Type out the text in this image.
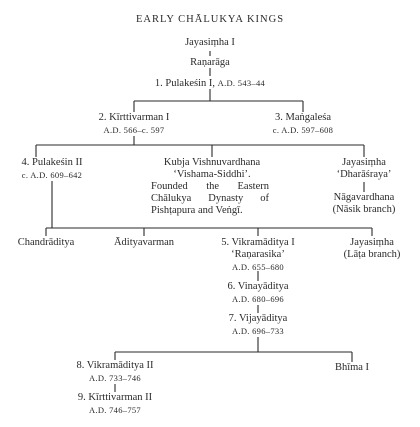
EARLY CHĀLUKYA KINGS
Jayasiṃha I
Raṇarāga
1. Pulakeśin I, A.D. 543–44
2. Kīrttivarman I
A.D. 566–c. 597
3. Maṅgaleśa
c. A.D. 597–608
4. Pulakeśin II
c. A.D. 609–642
Kubja Vishnuvardhana
‘Vishama-Siddhi’.
Founded the Eastern Chālukya Dynasty of Pishṭapura and Veṅgī.
Jayasiṃha
‘Dharāśraya’
Nāgavardhana
(Nāsik branch)
Chandrāditya	Ādityavarman	5. Vikramāditya I
‘Raṇarasika’
A.D. 655–680
Jayasiṃha
(Lāṭa branch)
6. Vinayāditya
A.D. 680–696
7. Vijayāditya
A.D. 696–733
8. Vikramāditya II
A.D. 733–746
Bhīma I
9. Kīrttivarman II
A.D. 746–757
